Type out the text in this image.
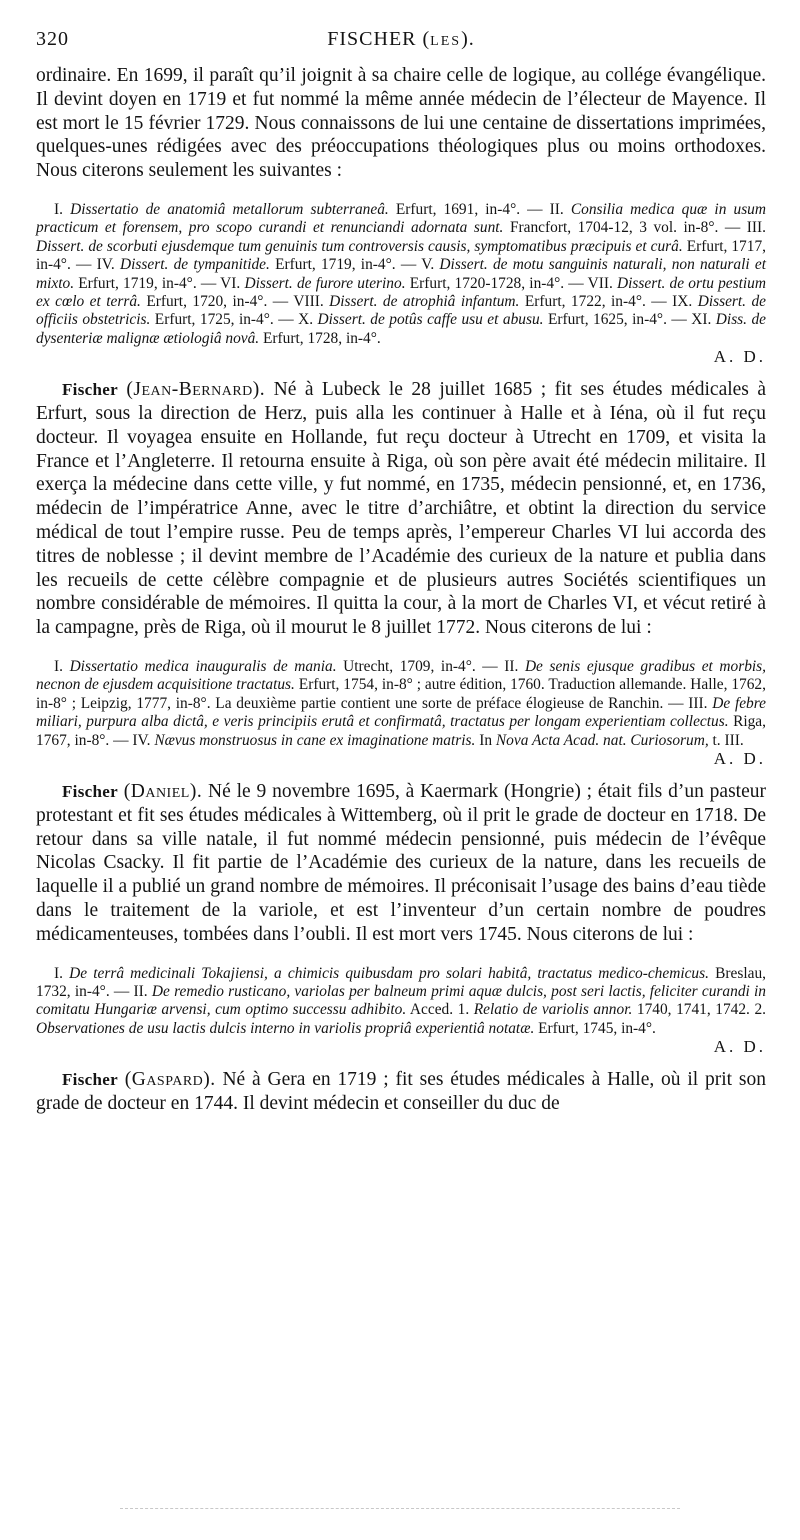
320	FISCHER (LES).

ordinaire. En 1699, il paraît qu’il joignit à sa chaire celle de logique, au collége évangélique. Il devint doyen en 1719 et fut nommé la même année médecin de l’électeur de Mayence. Il est mort le 15 février 1729. Nous connaissons de lui une centaine de dissertations imprimées, quelques-unes rédigées avec des préoccupations théologiques plus ou moins orthodoxes. Nous citerons seulement les suivantes :

I. Dissertatio de anatomiâ metallorum subterraneâ. Erfurt, 1691, in-4°. — II. Consilia medica quæ in usum practicum et forensem, pro scopo curandi et renunciandi adornata sunt. Francfort, 1704-12, 3 vol. in-8°. — III. Dissert. de scorbuti ejusdemque tum genuinis tum controversis causis, symptomatibus præcipuis et curâ. Erfurt, 1717, in-4°. — IV. Dissert. de tympanitide. Erfurt, 1719, in-4°. — V. Dissert. de motu sanguinis naturali, non naturali et mixto. Erfurt, 1719, in-4°. — VI. Dissert. de furore uterino. Erfurt, 1720-1728, in-4°. — VII. Dissert. de ortu pestium ex cœlo et terrâ. Erfurt, 1720, in-4°. — VIII. Dissert. de atrophiâ infantum. Erfurt, 1722, in-4°. — IX. Dissert. de officiis obstetricis. Erfurt, 1725, in-4°. — X. Dissert. de potûs caffe usu et abusu. Erfurt, 1625, in-4°. — XI. Diss. de dysenteriæ malignæ ætiologiâ novâ. Erfurt, 1728, in-4°.

A. D.

Fischer (Jean-Bernard). Né à Lubeck le 28 juillet 1685 ; fit ses études médicales à Erfurt, sous la direction de Herz, puis alla les continuer à Halle et à Iéna, où il fut reçu docteur. Il voyagea ensuite en Hollande, fut reçu docteur à Utrecht en 1709, et visita la France et l’Angleterre. Il retourna ensuite à Riga, où son père avait été médecin militaire. Il exerça la médecine dans cette ville, y fut nommé, en 1735, médecin pensionné, et, en 1736, médecin de l’impératrice Anne, avec le titre d’archiâtre, et obtint la direction du service médical de tout l’empire russe. Peu de temps après, l’empereur Charles VI lui accorda des titres de noblesse ; il devint membre de l’Académie des curieux de la nature et publia dans les recueils de cette célèbre compagnie et de plusieurs autres Sociétés scientifiques un nombre considérable de mémoires. Il quitta la cour, à la mort de Charles VI, et vécut retiré à la campagne, près de Riga, où il mourut le 8 juillet 1772. Nous citerons de lui :

I. Dissertatio medica inauguralis de mania. Utrecht, 1709, in-4°. — II. De senis ejusque gradibus et morbis, necnon de ejusdem acquisitione tractatus. Erfurt, 1754, in-8° ; autre édition, 1760. Traduction allemande. Halle, 1762, in-8° ; Leipzig, 1777, in-8°. La deuxième partie contient une sorte de préface élogieuse de Ranchin. — III. De febre miliari, purpura alba dictâ, e veris principiis erutâ et confirmatâ, tractatus per longam experientiam collectus. Riga, 1767, in-8°. — IV. Nævus monstruosus in cane ex imaginatione matris. In Nova Acta Acad. nat. Curiosorum, t. III.

A. D.

Fischer (Daniel). Né le 9 novembre 1695, à Kaermark (Hongrie) ; était fils d’un pasteur protestant et fit ses études médicales à Wittemberg, où il prit le grade de docteur en 1718. De retour dans sa ville natale, il fut nommé médecin pensionné, puis médecin de l’évêque Nicolas Csacky. Il fit partie de l’Académie des curieux de la nature, dans les recueils de laquelle il a publié un grand nombre de mémoires. Il préconisait l’usage des bains d’eau tiède dans le traitement de la variole, et est l’inventeur d’un certain nombre de poudres médicamenteuses, tombées dans l’oubli. Il est mort vers 1745. Nous citerons de lui :

I. De terrâ medicinali Tokajiensi, a chimicis quibusdam pro solari habitâ, tractatus medico-chemicus. Breslau, 1732, in-4°. — II. De remedio rusticano, variolas per balneum primi aquæ dulcis, post seri lactis, feliciter curandi in comitatu Hungariæ arvensi, cum optimo successu adhibito. Acced. 1. Relatio de variolis annor. 1740, 1741, 1742. 2. Observationes de usu lactis dulcis interno in variolis propriâ experientiâ notatæ. Erfurt, 1745, in-4°.

A. D.

Fischer (Gaspard). Né à Gera en 1719 ; fit ses études médicales à Halle, où il prit son grade de docteur en 1744. Il devint médecin et conseiller du duc de
